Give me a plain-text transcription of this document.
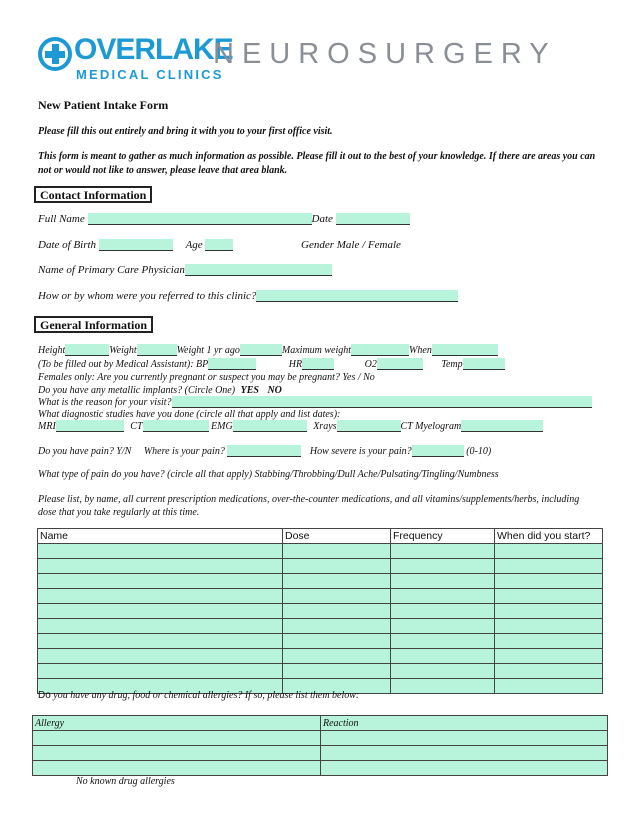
OVERLAKE
MEDICAL CLINICS
NEUROSURGERY
New Patient Intake Form
Please fill this out entirely and bring it with you to your first office visit.
This form is meant to gather as much information as possible. Please fill it out to the best of your knowledge. If there are areas you can not or would not like to answer, please leave that area blank.
Contact Information
Full Name	Date
Date of Birth	Age	Gender Male / Female
Name of Primary Care Physician
How or by whom were you referred to this clinic?
General Information
Height	Weight	Weight 1 yr ago	Maximum weight	When
(To be filled out by Medical Assistant): BP	HR	O2	Temp
Females only: Are you currently pregnant or suspect you may be pregnant? Yes / No
Do you have any metallic implants? (Circle One) YES NO
What is the reason for your visit?
What diagnostic studies have you done (circle all that apply and list dates):
MRI	CT	EMG	Xrays	CT Myelogram
Do you have pain? Y/N Where is your pain?	How severe is your pain?	(0-10)
What type of pain do you have? (circle all that apply) Stabbing/Throbbing/Dull Ache/Pulsating/Tingling/Numbness
Please list, by name, all current prescription medications, over-the-counter medications, and all vitamins/supplements/herbs, including dose that you take regularly at this time.
Name	Dose	Frequency	When did you start?

Do you have any drug, food or chemical allergies? If so, please list them below:
Allergy	Reaction

No known drug allergies
